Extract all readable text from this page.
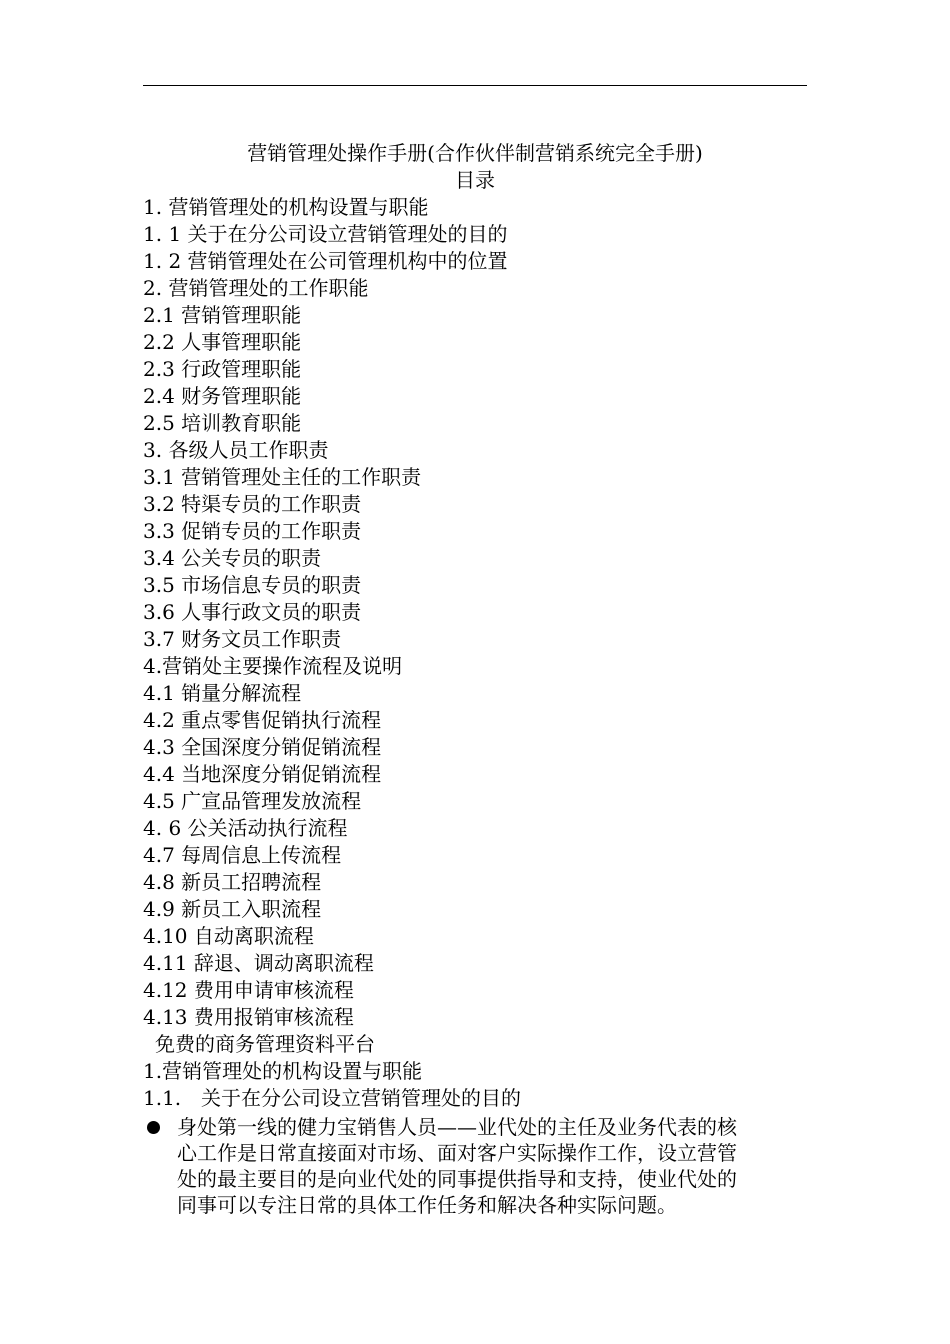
营销管理处操作手册(合作伙伴制营销系统完全手册)
目录
1. 营销管理处的机构设置与职能
1. 1 关于在分公司设立营销管理处的目的
1. 2 营销管理处在公司管理机构中的位置
2. 营销管理处的工作职能
2.1 营销管理职能
2.2 人事管理职能
2.3 行政管理职能
2.4 财务管理职能
2.5 培训教育职能
3. 各级人员工作职责
3.1 营销管理处主任的工作职责
3.2 特渠专员的工作职责
3.3 促销专员的工作职责
3.4 公关专员的职责
3.5 市场信息专员的职责
3.6 人事行政文员的职责
3.7 财务文员工作职责
4.营销处主要操作流程及说明
4.1 销量分解流程
4.2 重点零售促销执行流程
4.3 全国深度分销促销流程
4.4 当地深度分销促销流程
4.5 广宣品管理发放流程
4. 6 公关活动执行流程
4.7 每周信息上传流程
4.8 新员工招聘流程
4.9 新员工入职流程
4.10 自动离职流程
4.11 辞退、调动离职流程
4.12 费用申请审核流程
4.13 费用报销审核流程
免费的商务管理资料平台
1.营销管理处的机构设置与职能
1.1. 关于在分公司设立营销管理处的目的
身处第一线的健力宝销售人员——业代处的主任及业务代表的核
心工作是日常直接面对市场、面对客户实际操作工作，设立营管
处的最主要目的是向业代处的同事提供指导和支持，使业代处的
同事可以专注日常的具体工作任务和解决各种实际问题。
